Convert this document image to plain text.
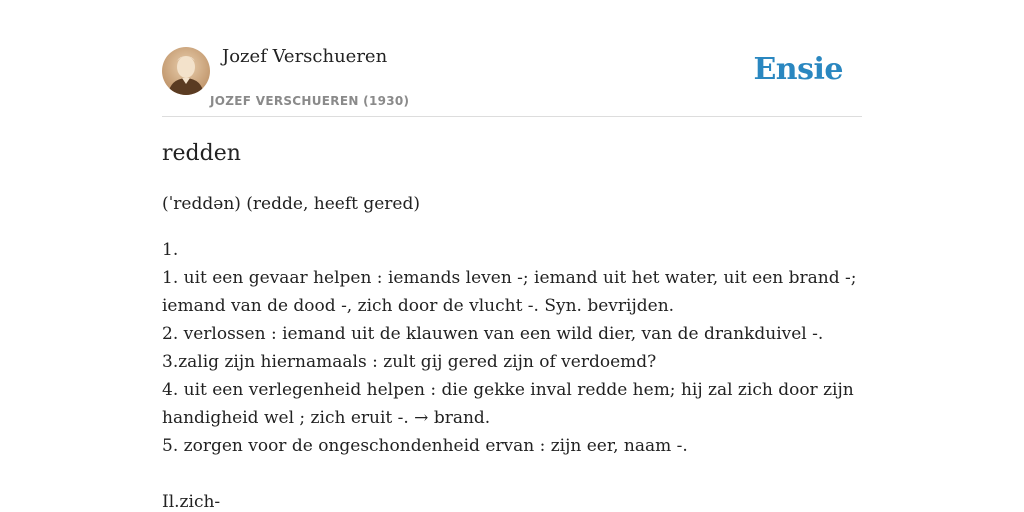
Jozef Verschueren
JOZEF VERSCHUEREN (1930)
Ensie
redden

(ˈreddən) (redde, heeft gered)

1.
1. uit een gevaar helpen : iemands leven -; iemand uit het water, uit een brand -;
iemand van de dood -, zich door de vlucht -. Syn. bevrijden.
2. verlossen : iemand uit de klauwen van een wild dier, van de drankduivel -.
3.zalig zijn hiernamaals : zult gij gered zijn of verdoemd?
4. uit een verlegenheid helpen : die gekke inval redde hem; hij zal zich door zijn
handigheid wel ; zich eruit -. → brand.
5. zorgen voor de ongeschondenheid ervan : zijn eer, naam -.
Il.zich-
